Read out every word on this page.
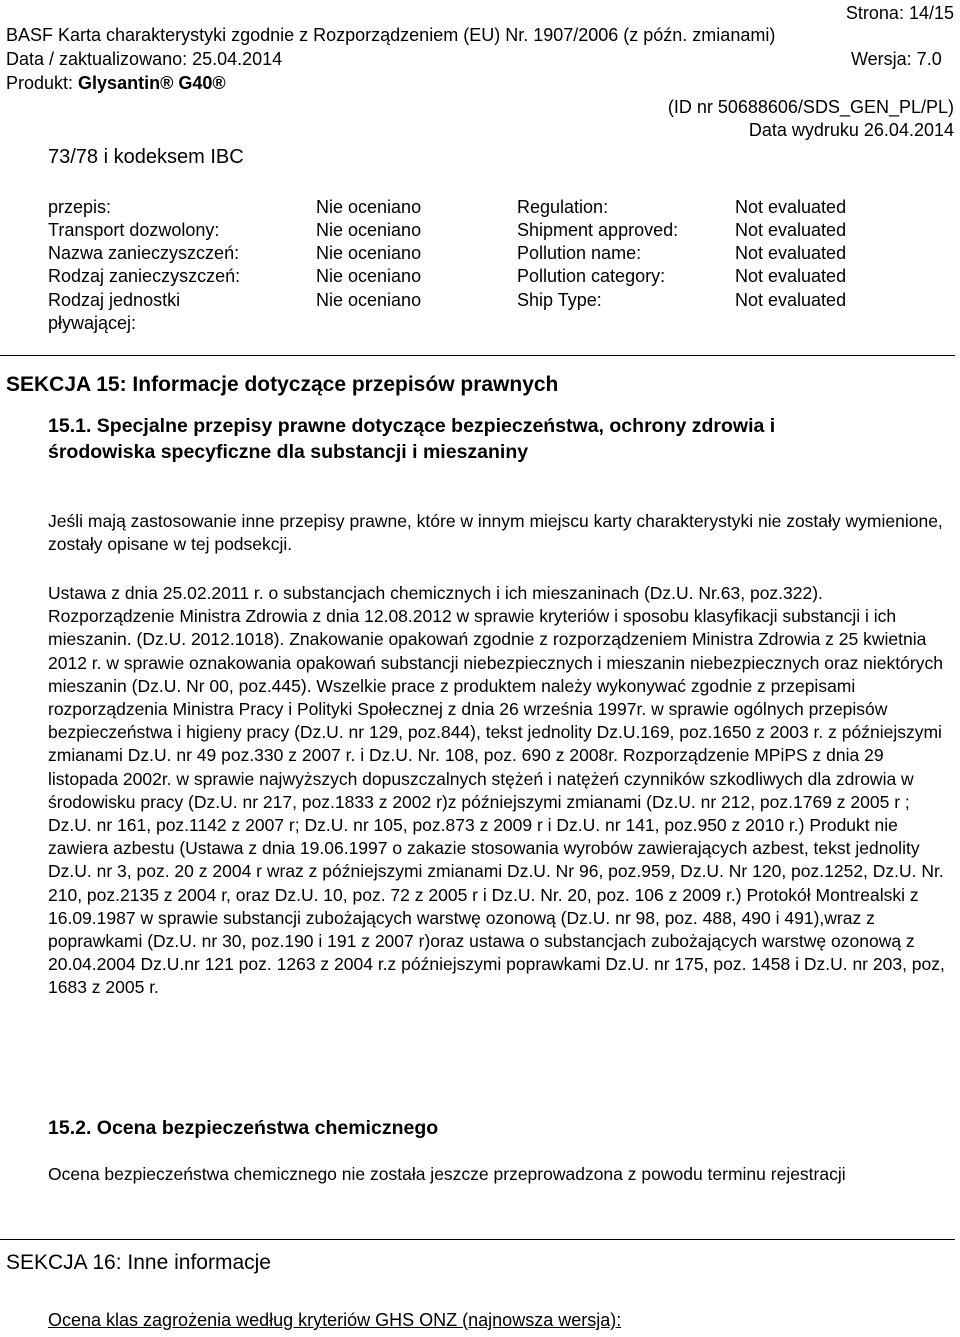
Strona: 14/15
BASF Karta charakterystyki zgodnie z Rozporządzeniem (EU) Nr. 1907/2006 (z późn. zmianami)
Data / zaktualizowano: 25.04.2014	Wersja: 7.0
Produkt: Glysantin® G40®
(ID nr 50688606/SDS_GEN_PL/PL)
Data wydruku 26.04.2014
73/78 i kodeksem IBC
przepis:	Nie oceniano	Regulation:	Not evaluated
Transport dozwolony:	Nie oceniano	Shipment approved:	Not evaluated
Nazwa zanieczyszczeń:	Nie oceniano	Pollution name:	Not evaluated
Rodzaj zanieczyszczeń:	Nie oceniano	Pollution category:	Not evaluated
Rodzaj jednostki	Nie oceniano	Ship Type:	Not evaluated
pływającej:
SEKCJA 15: Informacje dotyczące przepisów prawnych
15.1. Specjalne przepisy prawne dotyczące bezpieczeństwa, ochrony zdrowia i
środowiska specyficzne dla substancji i mieszaniny
Jeśli mają zastosowanie inne przepisy prawne, które w innym miejscu karty charakterystyki nie zostały wymienione, zostały opisane w tej podsekcji.
Ustawa z dnia 25.02.2011 r. o substancjach chemicznych i ich mieszaninach (Dz.U. Nr.63, poz.322). Rozporządzenie Ministra Zdrowia z dnia 12.08.2012 w sprawie kryteriów i sposobu klasyfikacji substancji i ich mieszanin. (Dz.U. 2012.1018). Znakowanie opakowań zgodnie z rozporządzeniem Ministra Zdrowia z 25 kwietnia 2012 r. w sprawie oznakowania opakowań substancji niebezpiecznych i mieszanin niebezpiecznych oraz niektórych mieszanin (Dz.U. Nr 00, poz.445). Wszelkie prace z produktem należy wykonywać zgodnie z przepisami rozporządzenia Ministra Pracy i Polityki Społecznej z dnia 26 września 1997r. w sprawie ogólnych przepisów bezpieczeństwa i higieny pracy (Dz.U. nr 129, poz.844), tekst jednolity Dz.U.169, poz.1650 z 2003 r. z późniejszymi zmianami Dz.U. nr 49 poz.330 z 2007 r. i Dz.U. Nr. 108, poz. 690 z 2008r. Rozporządzenie MPiPS z dnia 29 listopada 2002r. w sprawie najwyższych dopuszczalnych stężeń i natężeń czynników szkodliwych dla zdrowia w środowisku pracy (Dz.U. nr 217, poz.1833 z 2002 r)z późniejszymi zmianami (Dz.U. nr 212, poz.1769 z 2005 r ; Dz.U. nr 161, poz.1142 z 2007 r; Dz.U. nr 105, poz.873 z 2009 r i Dz.U. nr 141, poz.950 z 2010 r.) Produkt nie zawiera azbestu (Ustawa z dnia 19.06.1997 o zakazie stosowania wyrobów zawierających azbest, tekst jednolity Dz.U. nr 3, poz. 20 z 2004 r wraz z późniejszymi zmianami Dz.U. Nr 96, poz.959, Dz.U. Nr 120, poz.1252, Dz.U. Nr. 210, poz.2135 z 2004 r, oraz Dz.U. 10, poz. 72 z 2005 r i Dz.U. Nr. 20, poz. 106 z 2009 r.) Protokół Montrealski z 16.09.1987 w sprawie substancji zubożających warstwę ozonową (Dz.U. nr 98, poz. 488, 490 i 491),wraz z poprawkami (Dz.U. nr 30, poz.190 i 191 z 2007 r)oraz ustawa o substancjach zubożających warstwę ozonową z 20.04.2004 Dz.U.nr 121 poz. 1263 z 2004 r.z późniejszymi poprawkami Dz.U. nr 175, poz. 1458 i Dz.U. nr 203, poz, 1683 z 2005 r.
15.2. Ocena bezpieczeństwa chemicznego
Ocena bezpieczeństwa chemicznego nie została jeszcze przeprowadzona z powodu terminu rejestracji
SEKCJA 16: Inne informacje
Ocena klas zagrożenia według kryteriów GHS ONZ (najnowsza wersja):
